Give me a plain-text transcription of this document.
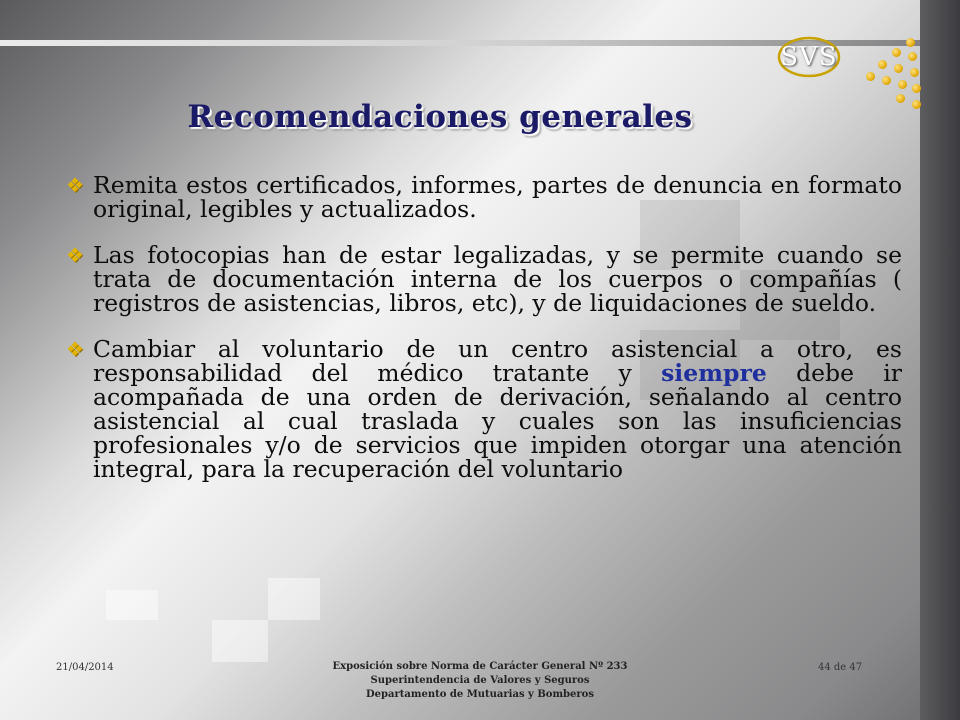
SVS
Recomendaciones generales
❖ Remita estos certificados, informes, partes de denuncia en formato original, legibles y actualizados.
❖ Las fotocopias han de estar legalizadas, y se permite cuando se trata de documentación interna de los cuerpos o compañías ( registros de asistencias, libros, etc), y de liquidaciones de sueldo.
❖ Cambiar al voluntario de un centro asistencial a otro, es responsabilidad del médico tratante y siempre debe ir acompañada de una orden de derivación, señalando al centro asistencial al cual traslada y cuales son las insuficiencias profesionales y/o de servicios que impiden otorgar una atención integral, para la recuperación del voluntario
21/04/2014	Exposición sobre Norma de Carácter General Nº 233
Superintendencia de Valores y Seguros
Departamento de Mutuarias y Bomberos
44 de 47
